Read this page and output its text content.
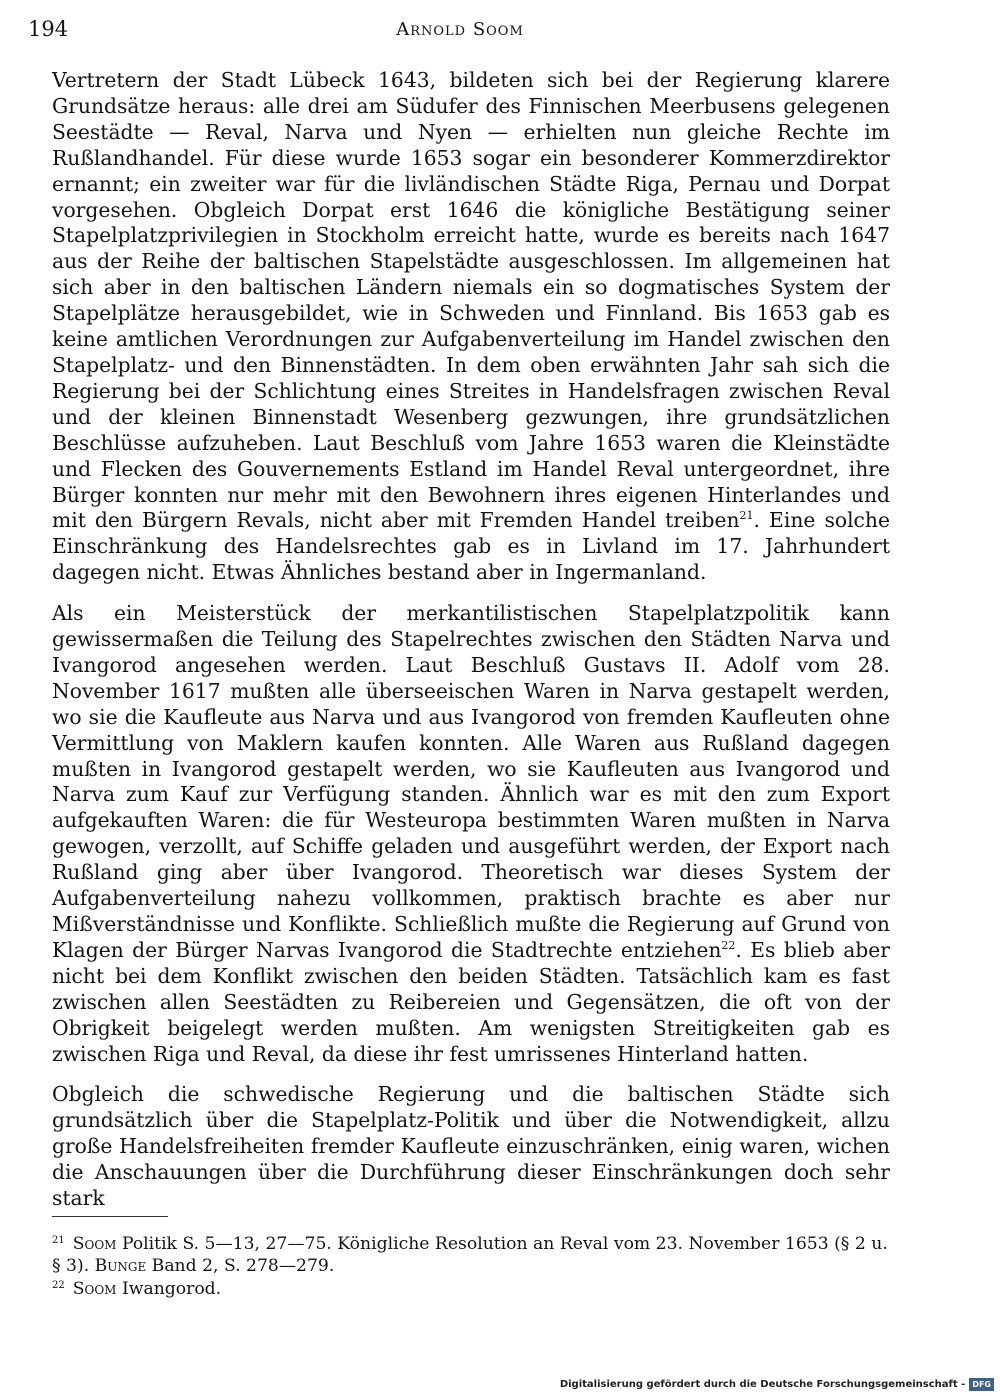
194	Arnold Soom

Vertretern der Stadt Lübeck 1643, bildeten sich bei der Regierung klarere Grundsätze heraus: alle drei am Südufer des Finnischen Meerbusens gelegenen Seestädte — Reval, Narva und Nyen — erhielten nun gleiche Rechte im Rußlandhandel. Für diese wurde 1653 sogar ein besonderer Kommerzdirektor ernannt; ein zweiter war für die livländischen Städte Riga, Pernau und Dorpat vorgesehen. Obgleich Dorpat erst 1646 die königliche Bestätigung seiner Stapelplatzprivilegien in Stockholm erreicht hatte, wurde es bereits nach 1647 aus der Reihe der baltischen Stapelstädte ausgeschlossen. Im allgemeinen hat sich aber in den baltischen Ländern niemals ein so dogmatisches System der Stapelplätze herausgebildet, wie in Schweden und Finnland. Bis 1653 gab es keine amtlichen Verordnungen zur Aufgabenverteilung im Handel zwischen den Stapelplatz- und den Binnenstädten. In dem oben erwähnten Jahr sah sich die Regierung bei der Schlichtung eines Streites in Handelsfragen zwischen Reval und der kleinen Binnenstadt Wesenberg gezwungen, ihre grundsätzlichen Beschlüsse aufzuheben. Laut Beschluß vom Jahre 1653 waren die Kleinstädte und Flecken des Gouvernements Estland im Handel Reval untergeordnet, ihre Bürger konnten nur mehr mit den Bewohnern ihres eigenen Hinterlandes und mit den Bürgern Revals, nicht aber mit Fremden Handel treiben$^{21}$. Eine solche Einschränkung des Handelsrechtes gab es in Livland im 17. Jahrhundert dagegen nicht. Etwas Ähnliches bestand aber in Ingermanland.

Als ein Meisterstück der merkantilistischen Stapelplatzpolitik kann gewissermaßen die Teilung des Stapelrechtes zwischen den Städten Narva und Ivangorod angesehen werden. Laut Beschluß Gustavs II. Adolf vom 28. November 1617 mußten alle überseeischen Waren in Narva gestapelt werden, wo sie die Kaufleute aus Narva und aus Ivangorod von fremden Kaufleuten ohne Vermittlung von Maklern kaufen konnten. Alle Waren aus Rußland dagegen mußten in Ivangorod gestapelt werden, wo sie Kaufleuten aus Ivangorod und Narva zum Kauf zur Verfügung standen. Ähnlich war es mit den zum Export aufgekauften Waren: die für Westeuropa bestimmten Waren mußten in Narva gewogen, verzollt, auf Schiffe geladen und ausgeführt werden, der Export nach Rußland ging aber über Ivangorod. Theoretisch war dieses System der Aufgabenverteilung nahezu vollkommen, praktisch brachte es aber nur Mißverständnisse und Konflikte. Schließlich mußte die Regierung auf Grund von Klagen der Bürger Narvas Ivangorod die Stadtrechte entziehen$^{22}$. Es blieb aber nicht bei dem Konflikt zwischen den beiden Städten. Tatsächlich kam es fast zwischen allen Seestädten zu Reibereien und Gegensätzen, die oft von der Obrigkeit beigelegt werden mußten. Am wenigsten Streitigkeiten gab es zwischen Riga und Reval, da diese ihr fest umrissenes Hinterland hatten.

Obgleich die schwedische Regierung und die baltischen Städte sich grundsätzlich über die Stapelplatz-Politik und über die Notwendigkeit, allzu große Handelsfreiheiten fremder Kaufleute einzuschränken, einig waren, wichen die Anschauungen über die Durchführung dieser Einschränkungen doch sehr stark

$^{21}$ Soom Politik S. 5—13, 27—75. Königliche Resolution an Reval vom 23. November 1653 (§ 2 u. § 3). Bunge Band 2, S. 278—279.

$^{22}$ Soom Iwangorod.

Digitalisierung gefördert durch die Deutsche Forschungsgemeinschaft - DFG
